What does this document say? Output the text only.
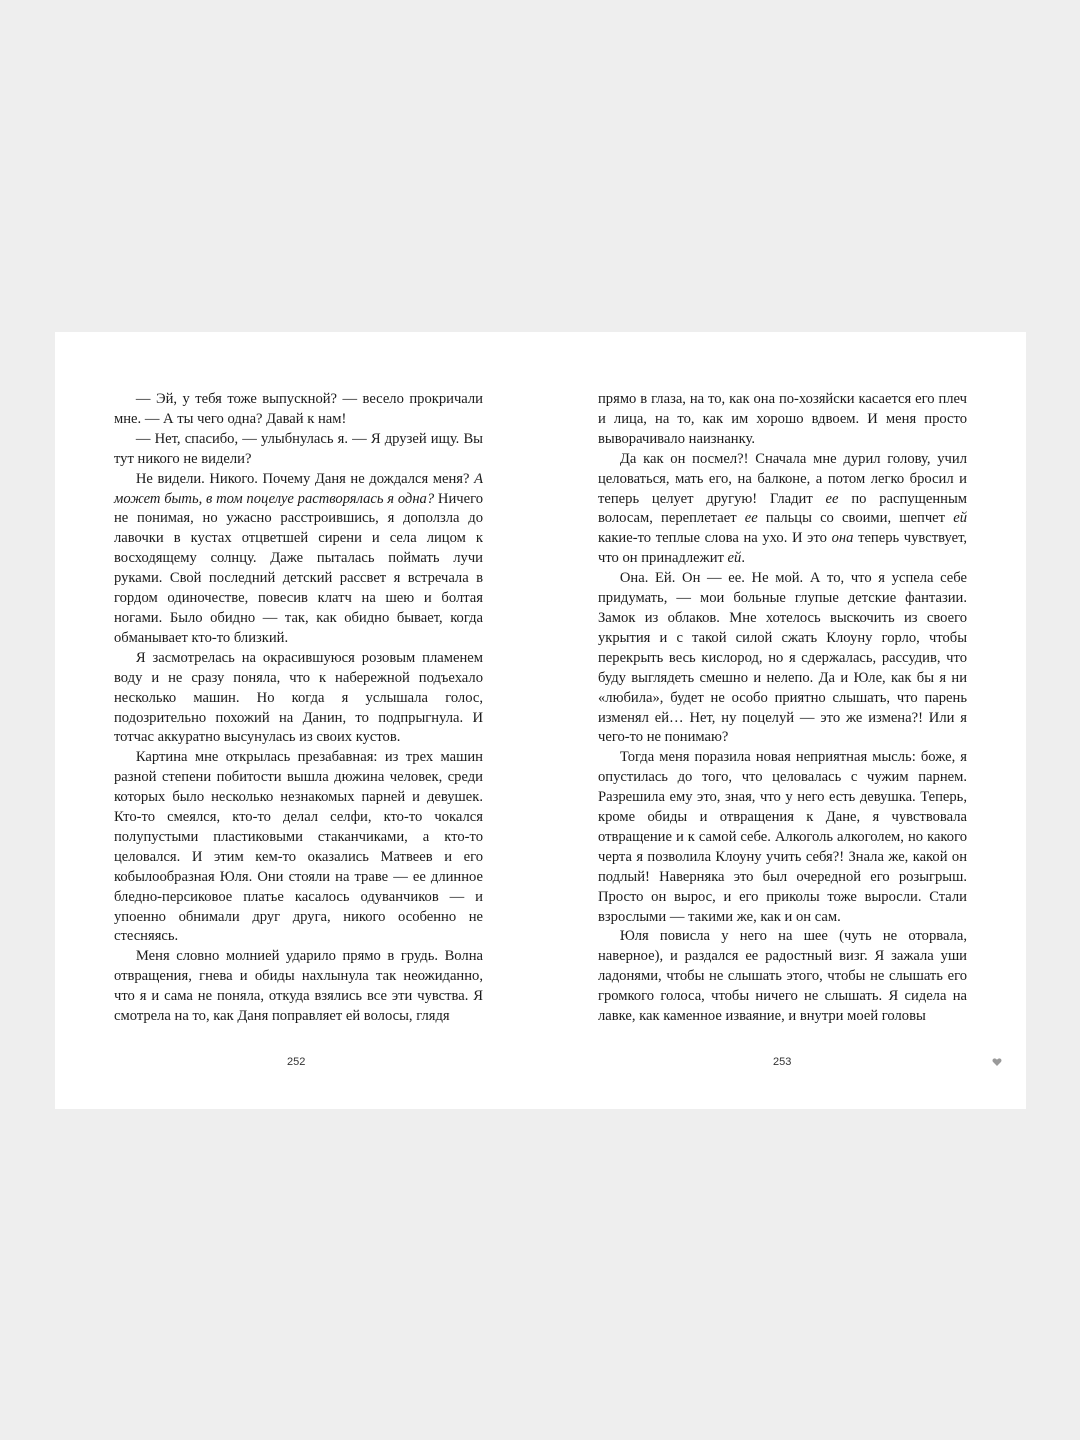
— Эй, у тебя тоже выпускной? — весело прокричали мне. — А ты чего одна? Давай к нам!

— Нет, спасибо, — улыбнулась я. — Я друзей ищу. Вы тут никого не видели?

Не видели. Никого. Почему Даня не дождался меня? А может быть, в том поцелуе растворялась я одна? Ничего не понимая, но ужасно расстроившись, я доползла до лавочки в кустах отцветшей сирени и села лицом к восходящему солнцу. Даже пыталась поймать лучи руками. Свой последний детский рассвет я встречала в гордом одиночестве, повесив клатч на шею и болтая ногами. Было обидно — так, как обидно бывает, когда обманывает кто-то близкий.

Я засмотрелась на окрасившуюся розовым пламенем воду и не сразу поняла, что к набережной подъехало несколько машин. Но когда я услышала голос, подозрительно похожий на Данин, то подпрыгнула. И тотчас аккуратно высунулась из своих кустов.

Картина мне открылась презабавная: из трех машин разной степени побитости вышла дюжина человек, среди которых было несколько незнакомых парней и девушек. Кто-то смеялся, кто-то делал селфи, кто-то чокался полупустыми пластиковыми стаканчиками, а кто-то целовался. И этим кем-то оказались Матвеев и его кобылообразная Юля. Они стояли на траве — ее длинное бледно-персиковое платье касалось одуванчиков — и упоенно обнимали друг друга, никого особенно не стесняясь.

Меня словно молнией ударило прямо в грудь. Волна отвращения, гнева и обиды нахлынула так неожиданно, что я и сама не поняла, откуда взялись все эти чувства. Я смотрела на то, как Даня поправляет ей волосы, глядя

прямо в глаза, на то, как она по-хозяйски касается его плеч и лица, на то, как им хорошо вдвоем. И меня просто выворачивало наизнанку.

Да как он посмел?! Сначала мне дурил голову, учил целоваться, мать его, на балконе, а потом легко бросил и теперь целует другую! Гладит ее по распущенным волосам, переплетает ее пальцы со своими, шепчет ей какие-то теплые слова на ухо. И это она теперь чувствует, что он принадлежит ей.

Она. Ей. Он — ее. Не мой. А то, что я успела себе придумать, — мои больные глупые детские фантазии. Замок из облаков. Мне хотелось выскочить из своего укрытия и с такой силой сжать Клоуну горло, чтобы перекрыть весь кислород, но я сдержалась, рассудив, что буду выглядеть смешно и нелепо. Да и Юле, как бы я ни «любила», будет не особо приятно слышать, что парень изменял ей… Нет, ну поцелуй — это же измена?! Или я чего-то не понимаю?

Тогда меня поразила новая неприятная мысль: боже, я опустилась до того, что целовалась с чужим парнем. Разрешила ему это, зная, что у него есть девушка. Теперь, кроме обиды и отвращения к Дане, я чувствовала отвращение и к самой себе. Алкоголь алкоголем, но какого черта я позволила Клоуну учить себя?! Знала же, какой он подлый! Наверняка это был очередной его розыгрыш. Просто он вырос, и его приколы тоже выросли. Стали взрослыми — такими же, как и он сам.

Юля повисла у него на шее (чуть не оторвала, наверное), и раздался ее радостный визг. Я зажала уши ладонями, чтобы не слышать этого, чтобы не слышать его громкого голоса, чтобы ничего не слышать. Я сидела на лавке, как каменное изваяние, и внутри моей головы

252	253
